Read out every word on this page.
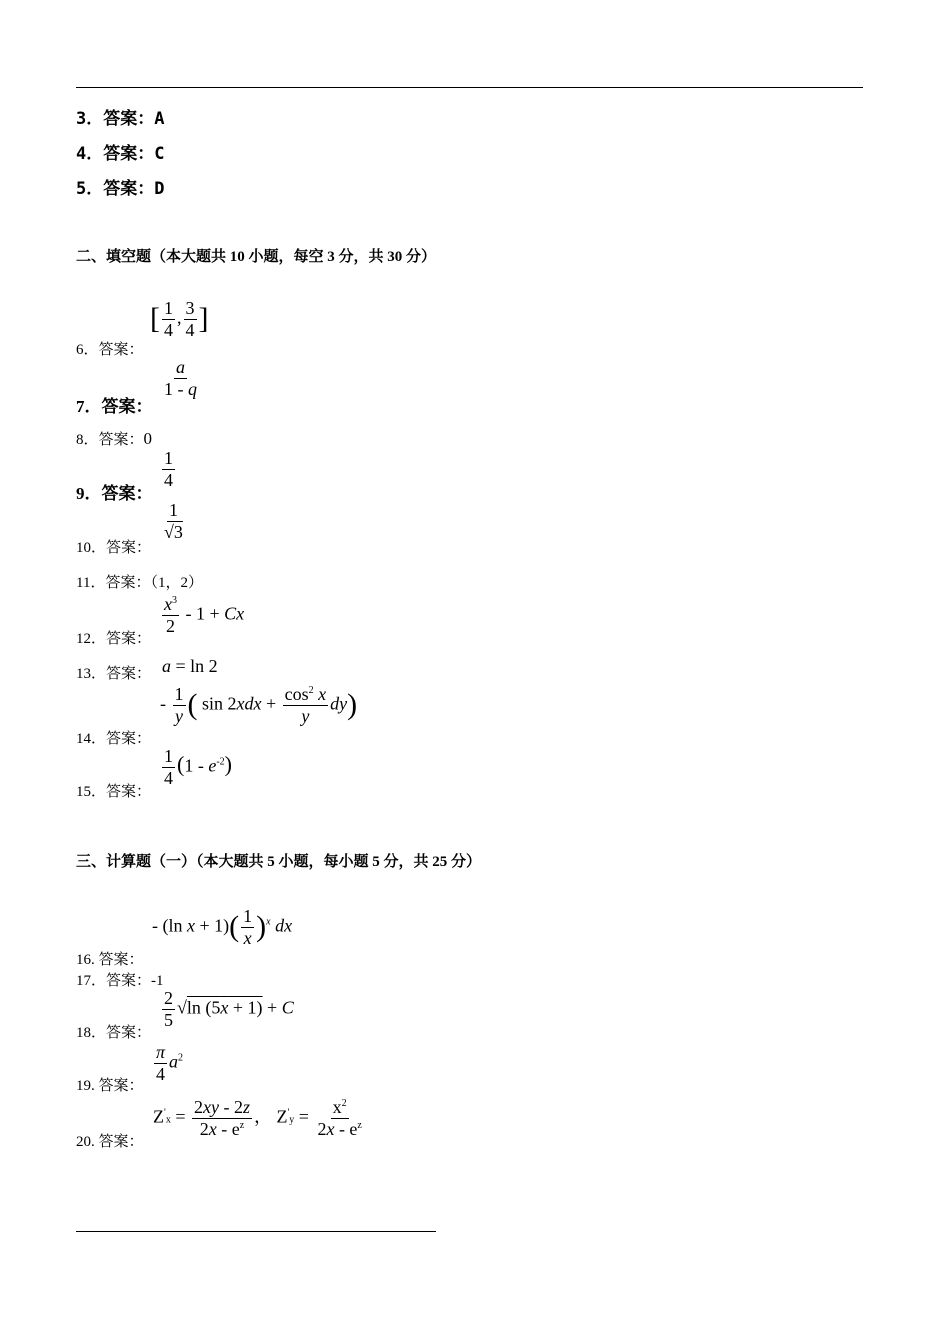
3．答案：A
4．答案：C
5．答案：D
二、填空题（本大题共 10 小题，每空 3 分，共 30 分）
6．答案：
[ $\frac{1}{4}$ , $\frac{3}{4}$ ]
7．答案：
$\frac{a}{1 - q}$
8．答案：0
9．答案：
$\frac{1}{4}$
10．答案：
$\frac{1}{√3}$
11．答案：（1，2）
12．答案：
$\frac{x^3}{2} - 1 + Cx$
13．答案： a = ln 2
14．答案：
- $\frac{1}{y}$ ( $\sin 2xdx + \frac{\cos^2 x}{y} dy$)
15．答案：
$\frac{1}{4} (1 - e^{-2})$
三、计算题（一）（本大题共 5 小题，每小题 5 分，共 25 分）
16. 答案：
- (ln $x + 1)( \frac{1}{x} )^x$ dx
17．答案：-1
18．答案：
$\frac{2}{5} √\ln$ (5x + 1) + C
19. 答案：
$\frac{\pi}{4} a^2$
20. 答案：
$Z'x = \frac{2xy - 2z}{2x - e^z}$ ， $Z'y = \frac{x^2}{2x - e^z}$
